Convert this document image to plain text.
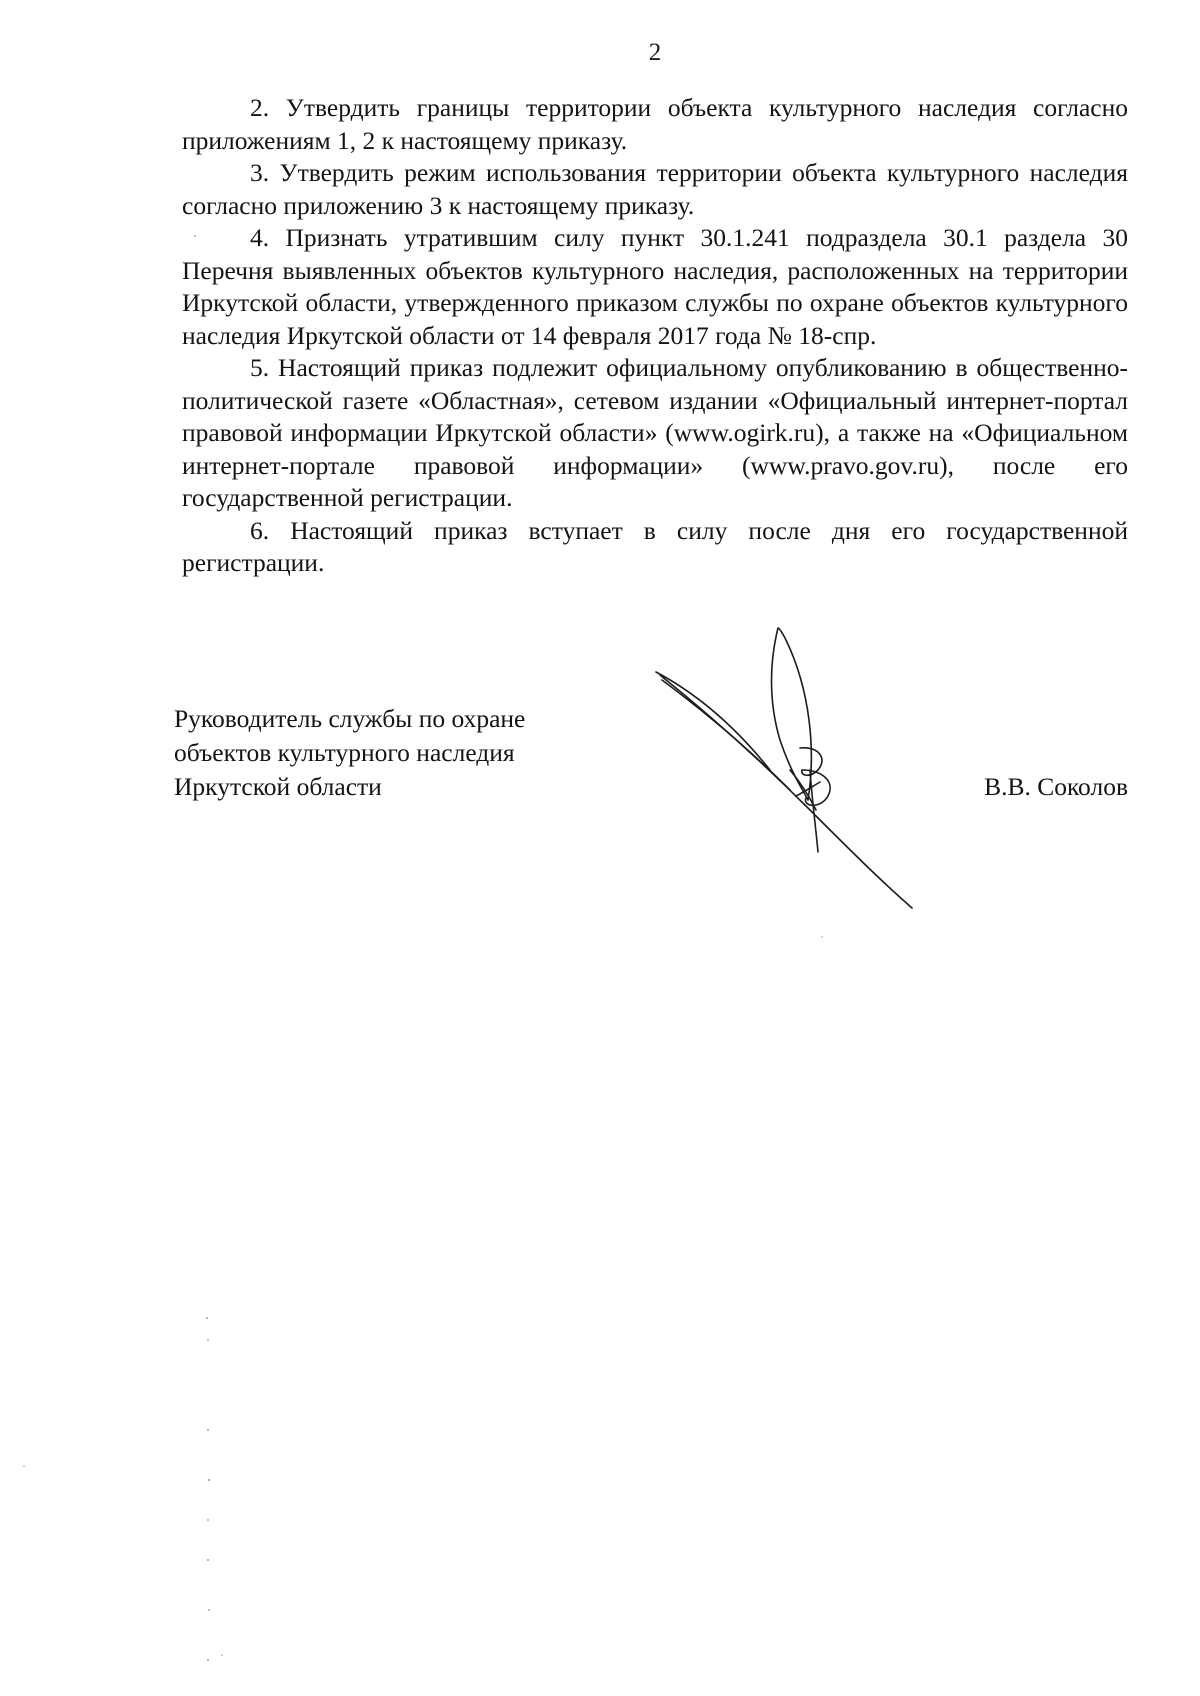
2

2. Утвердить границы территории объекта культурного наследия согласно приложениям 1, 2 к настоящему приказу.

3. Утвердить режим использования территории объекта культурного наследия согласно приложению 3 к настоящему приказу.

4. Признать утратившим силу пункт 30.1.241 подраздела 30.1 раздела 30 Перечня выявленных объектов культурного наследия, расположенных на территории Иркутской области, утвержденного приказом службы по охране объектов культурного наследия Иркутской области от 14 февраля 2017 года № 18-спр.

5. Настоящий приказ подлежит официальному опубликованию в общественно-политической газете «Областная», сетевом издании «Официальный интернет-портал правовой информации Иркутской области» (www.ogirk.ru), а также на «Официальном интернет-портале правовой информации» (www.pravo.gov.ru), после его государственной регистрации.

6. Настоящий приказ вступает в силу после дня его государственной регистрации.

Руководитель службы по охране
объектов культурного наследия
Иркутской области	В.В. Соколов
